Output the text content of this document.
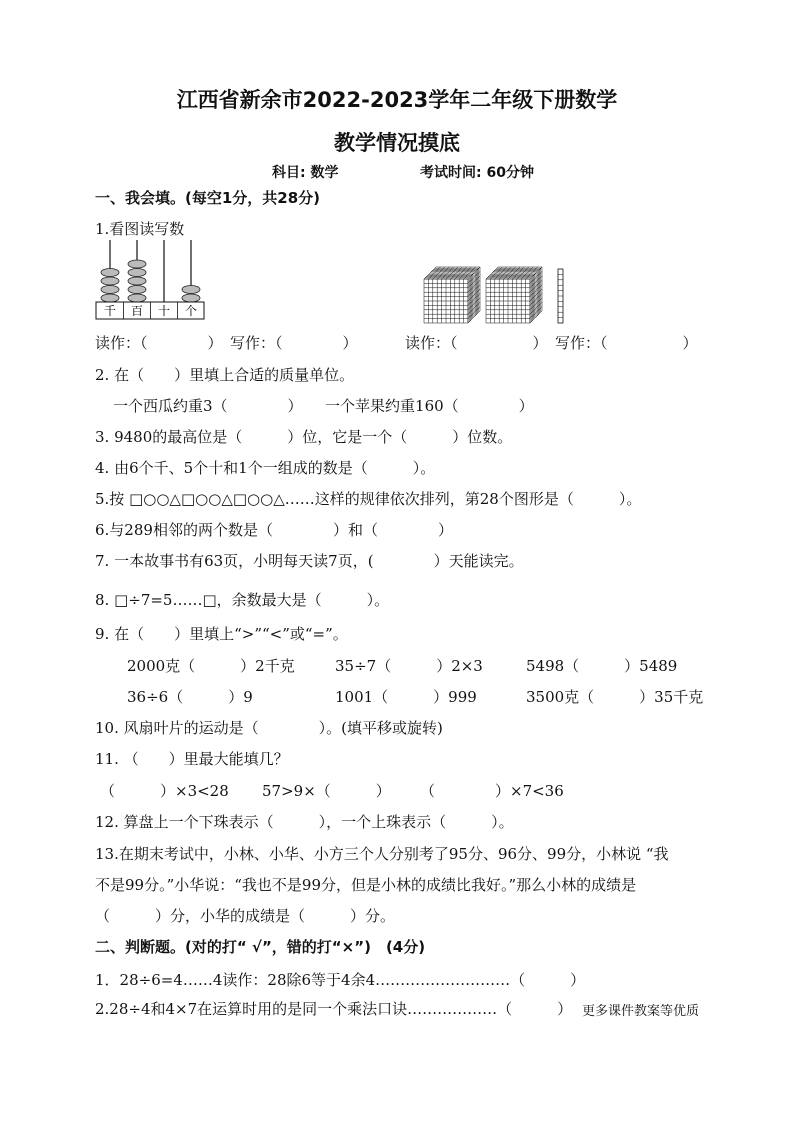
江西省新余市2022-2023学年二年级下册数学
教学情况摸底
科目: 数学	考试时间: 60分钟
一、我会填。(每空1分，共28分)
1.看图读写数
千 百 十 个
读作：（　　　　）　写作：（　　　　）	读作：（　　　　　）　写作：（　　　　　）
2. 在（　　）里填上合适的质量单位。
一个西瓜约重3（　　　　）　　一个苹果约重160（　　　　）
3. 9480的最高位是（　　　）位，它是一个（　　　）位数。
4. 由6个千、5个十和1个一组成的数是（　　　）。
5.按 □○○△□○○△□○○△……这样的规律依次排列，第28个图形是（　　　）。
6.与289相邻的两个数是（　　　　）和（　　　　）
7. 一本故事书有63页，小明每天读7页，(　　　　）天能读完。
8. □÷7=5……□，余数最大是（　　　）。
9. 在（　　）里填上“>”“<”或“=”。
2000克（　　　）2千克	35÷7（　　　）2×3	5498（　　　）5489
36÷6（　　　）9	1001（　　　）999	3500克（　　　）35千克
10. 风扇叶片的运动是（　　　　）。(填平移或旋转)
11. （　　）里最大能填几？
（　　　）×3<28 57>9×（　　　） （　　　　）×7<36
12. 算盘上一个下珠表示（　　　），一个上珠表示（　　　）。
13.在期末考试中，小林、小华、小方三个人分别考了95分、96分、99分，小林说 “我
不是99分。”小华说：“我也不是99分，但是小林的成绩比我好。”那么小林的成绩是
（　　　）分，小华的成绩是（　　　）分。
二、判断题。(对的打“ √”，错的打“×”)　(4分)
1．28÷6=4……4读作：28除6等于4余4………………………（　　　）
2.28÷4和4×7在运算时用的是同一个乘法口诀………………（　　　） 更多课件教案等优质
